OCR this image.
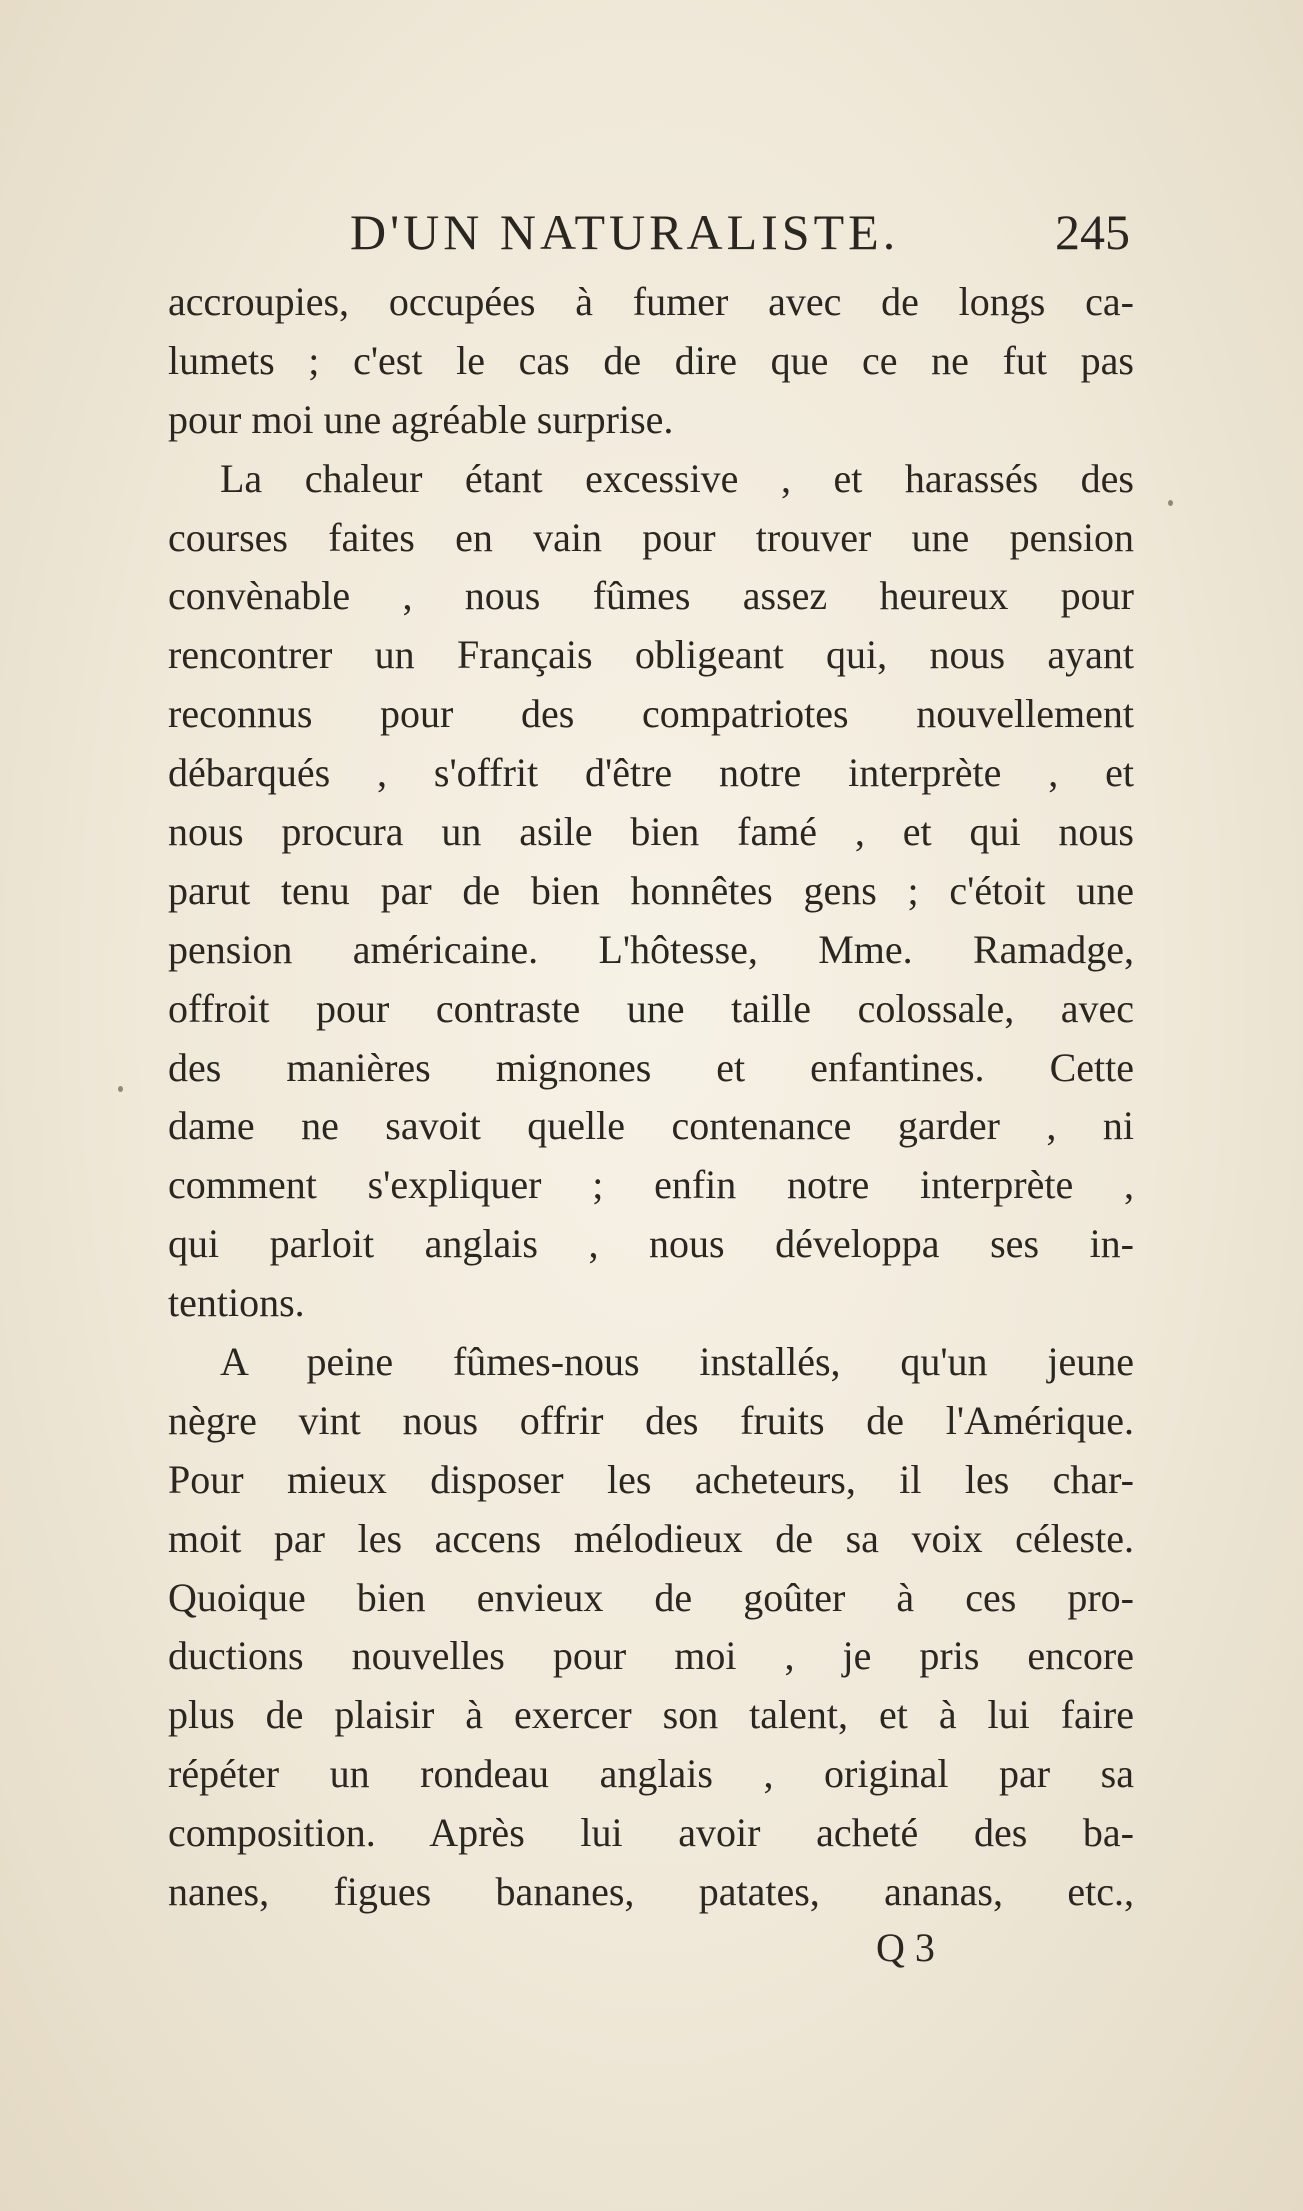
D'UN NATURALISTE.	245
accroupies, occupées à fumer avec de longs ca-
lumets ; c'est le cas de dire que ce ne fut pas
pour moi une agréable surprise.
La chaleur étant excessive , et harassés des
courses faites en vain pour trouver une pension
convènable , nous fûmes assez heureux pour
rencontrer un Français obligeant qui, nous ayant
reconnus pour des compatriotes nouvellement
débarqués , s'offrit d'être notre interprète , et
nous procura un asile bien famé , et qui nous
parut tenu par de bien honnêtes gens ; c'étoit une
pension américaine. L'hôtesse, Mme. Ramadge,
offroit pour contraste une taille colossale, avec
des manières mignones et enfantines. Cette
dame ne savoit quelle contenance garder , ni
comment s'expliquer ; enfin notre interprète ,
qui parloit anglais , nous développa ses in-
tentions.
A peine fûmes-nous installés, qu'un jeune
nègre vint nous offrir des fruits de l'Amérique.
Pour mieux disposer les acheteurs, il les char-
moit par les accens mélodieux de sa voix céleste.
Quoique bien envieux de goûter à ces pro-
ductions nouvelles pour moi , je pris encore
plus de plaisir à exercer son talent, et à lui faire
répéter un rondeau anglais , original par sa
composition. Après lui avoir acheté des ba-
nanes, figues bananes, patates, ananas, etc.,
Q 3
